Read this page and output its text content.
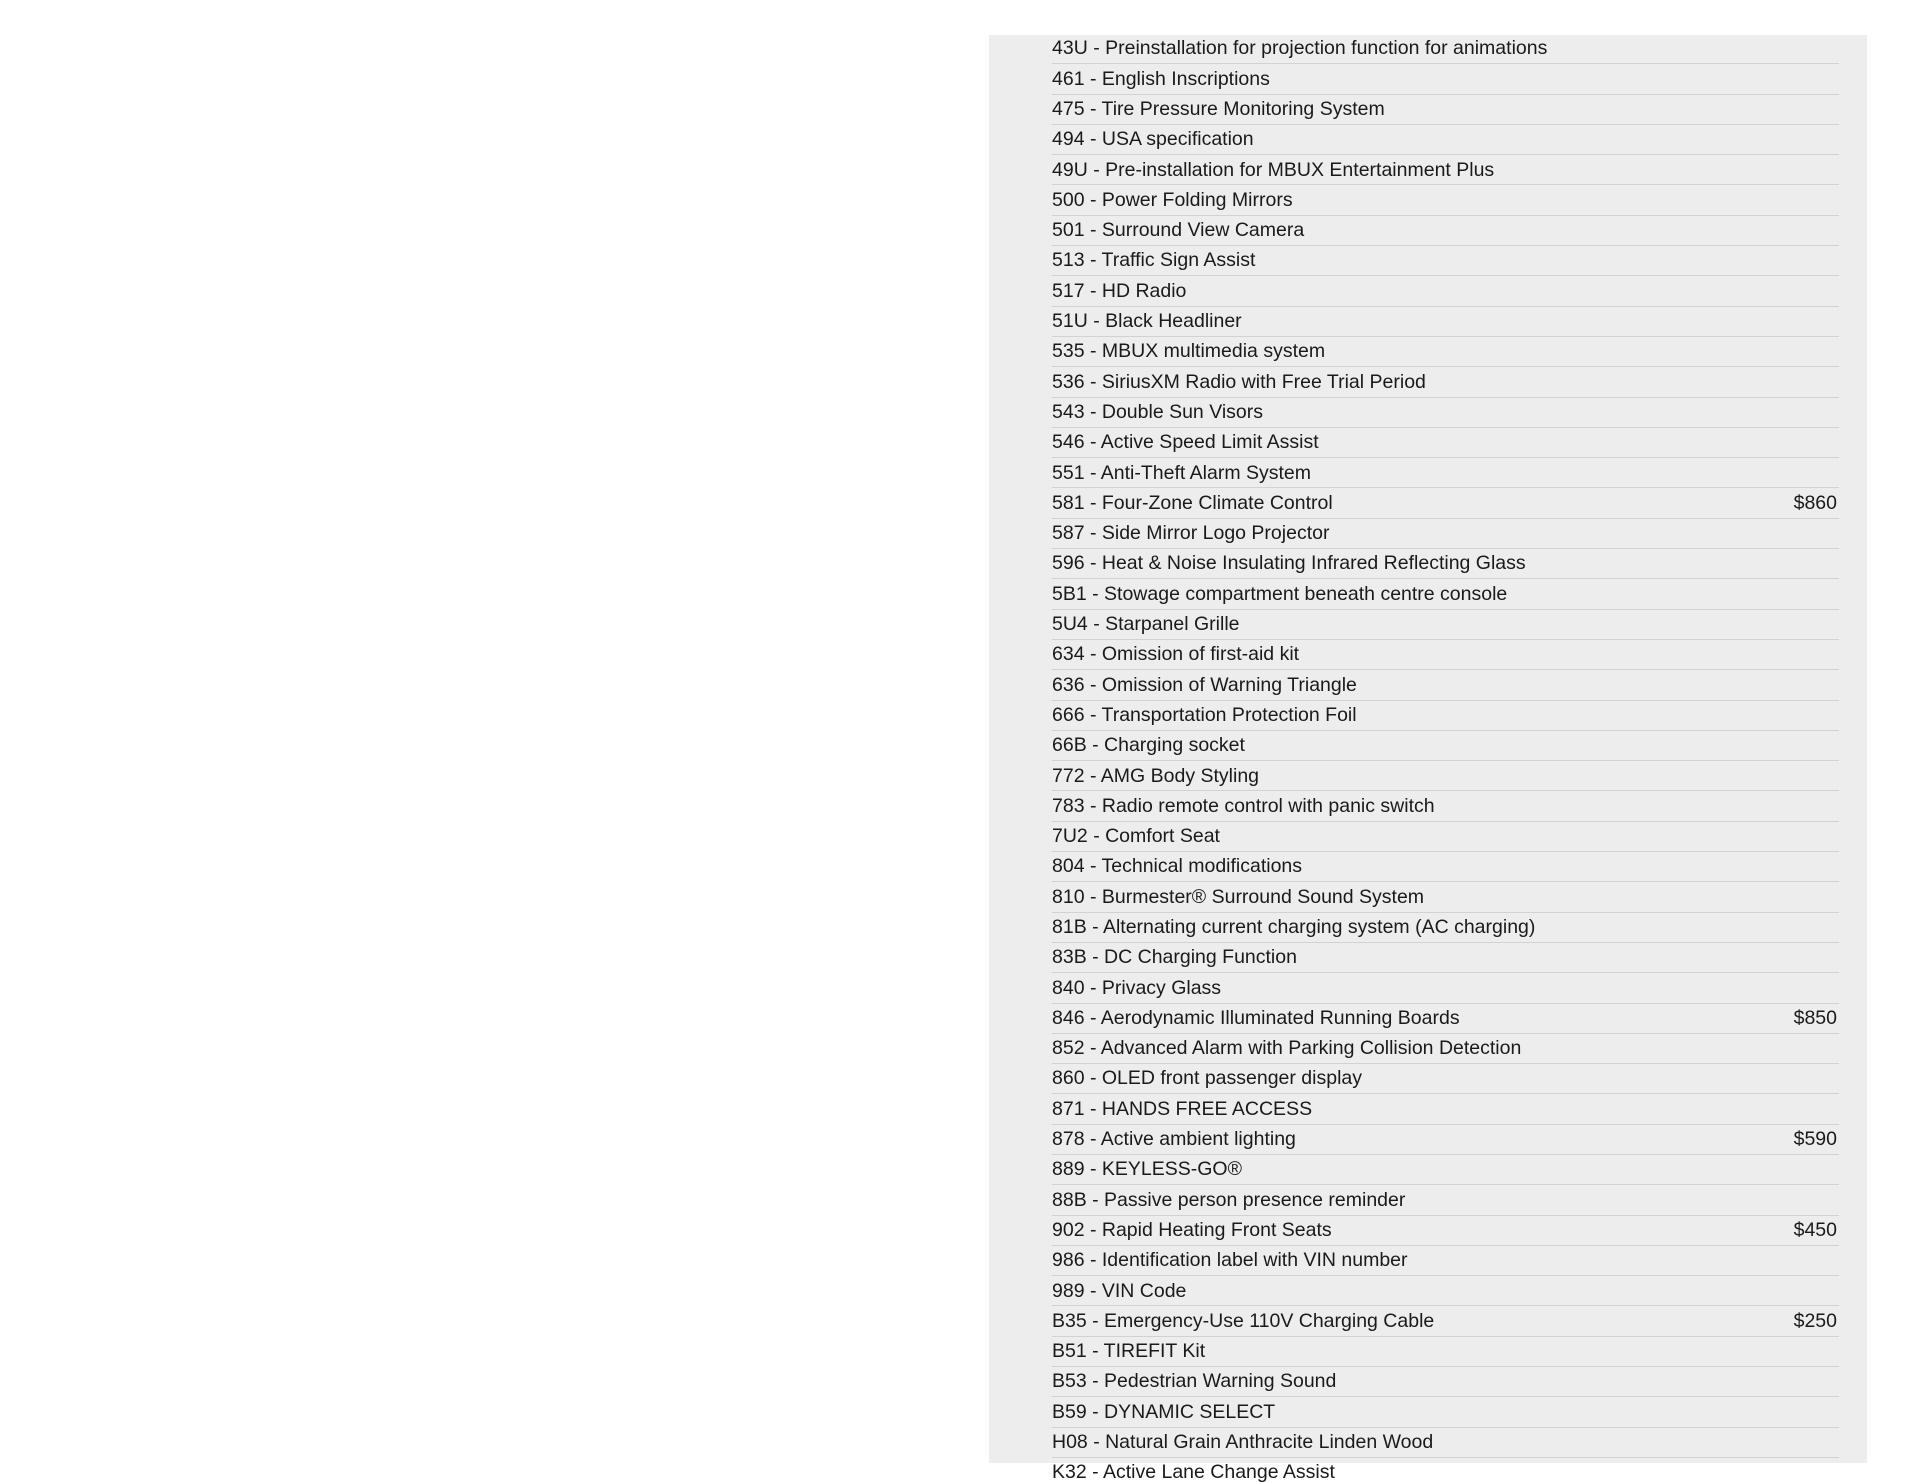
43U - Preinstallation for projection function for animations
461 - English Inscriptions
475 - Tire Pressure Monitoring System
494 - USA specification
49U - Pre-installation for MBUX Entertainment Plus
500 - Power Folding Mirrors
501 - Surround View Camera
513 - Traffic Sign Assist
517 - HD Radio
51U - Black Headliner
535 - MBUX multimedia system
536 - SiriusXM Radio with Free Trial Period
543 - Double Sun Visors
546 - Active Speed Limit Assist
551 - Anti-Theft Alarm System
581 - Four-Zone Climate Control	$860
587 - Side Mirror Logo Projector
596 - Heat & Noise Insulating Infrared Reflecting Glass
5B1 - Stowage compartment beneath centre console
5U4 - Starpanel Grille
634 - Omission of first-aid kit
636 - Omission of Warning Triangle
666 - Transportation Protection Foil
66B - Charging socket
772 - AMG Body Styling
783 - Radio remote control with panic switch
7U2 - Comfort Seat
804 - Technical modifications
810 - Burmester® Surround Sound System
81B - Alternating current charging system (AC charging)
83B - DC Charging Function
840 - Privacy Glass
846 - Aerodynamic Illuminated Running Boards	$850
852 - Advanced Alarm with Parking Collision Detection
860 - OLED front passenger display
871 - HANDS FREE ACCESS
878 - Active ambient lighting	$590
889 - KEYLESS-GO®
88B - Passive person presence reminder
902 - Rapid Heating Front Seats	$450
986 - Identification label with VIN number
989 - VIN Code
B35 - Emergency-Use 110V Charging Cable	$250
B51 - TIREFIT Kit
B53 - Pedestrian Warning Sound
B59 - DYNAMIC SELECT
H08 - Natural Grain Anthracite Linden Wood
K32 - Active Lane Change Assist
